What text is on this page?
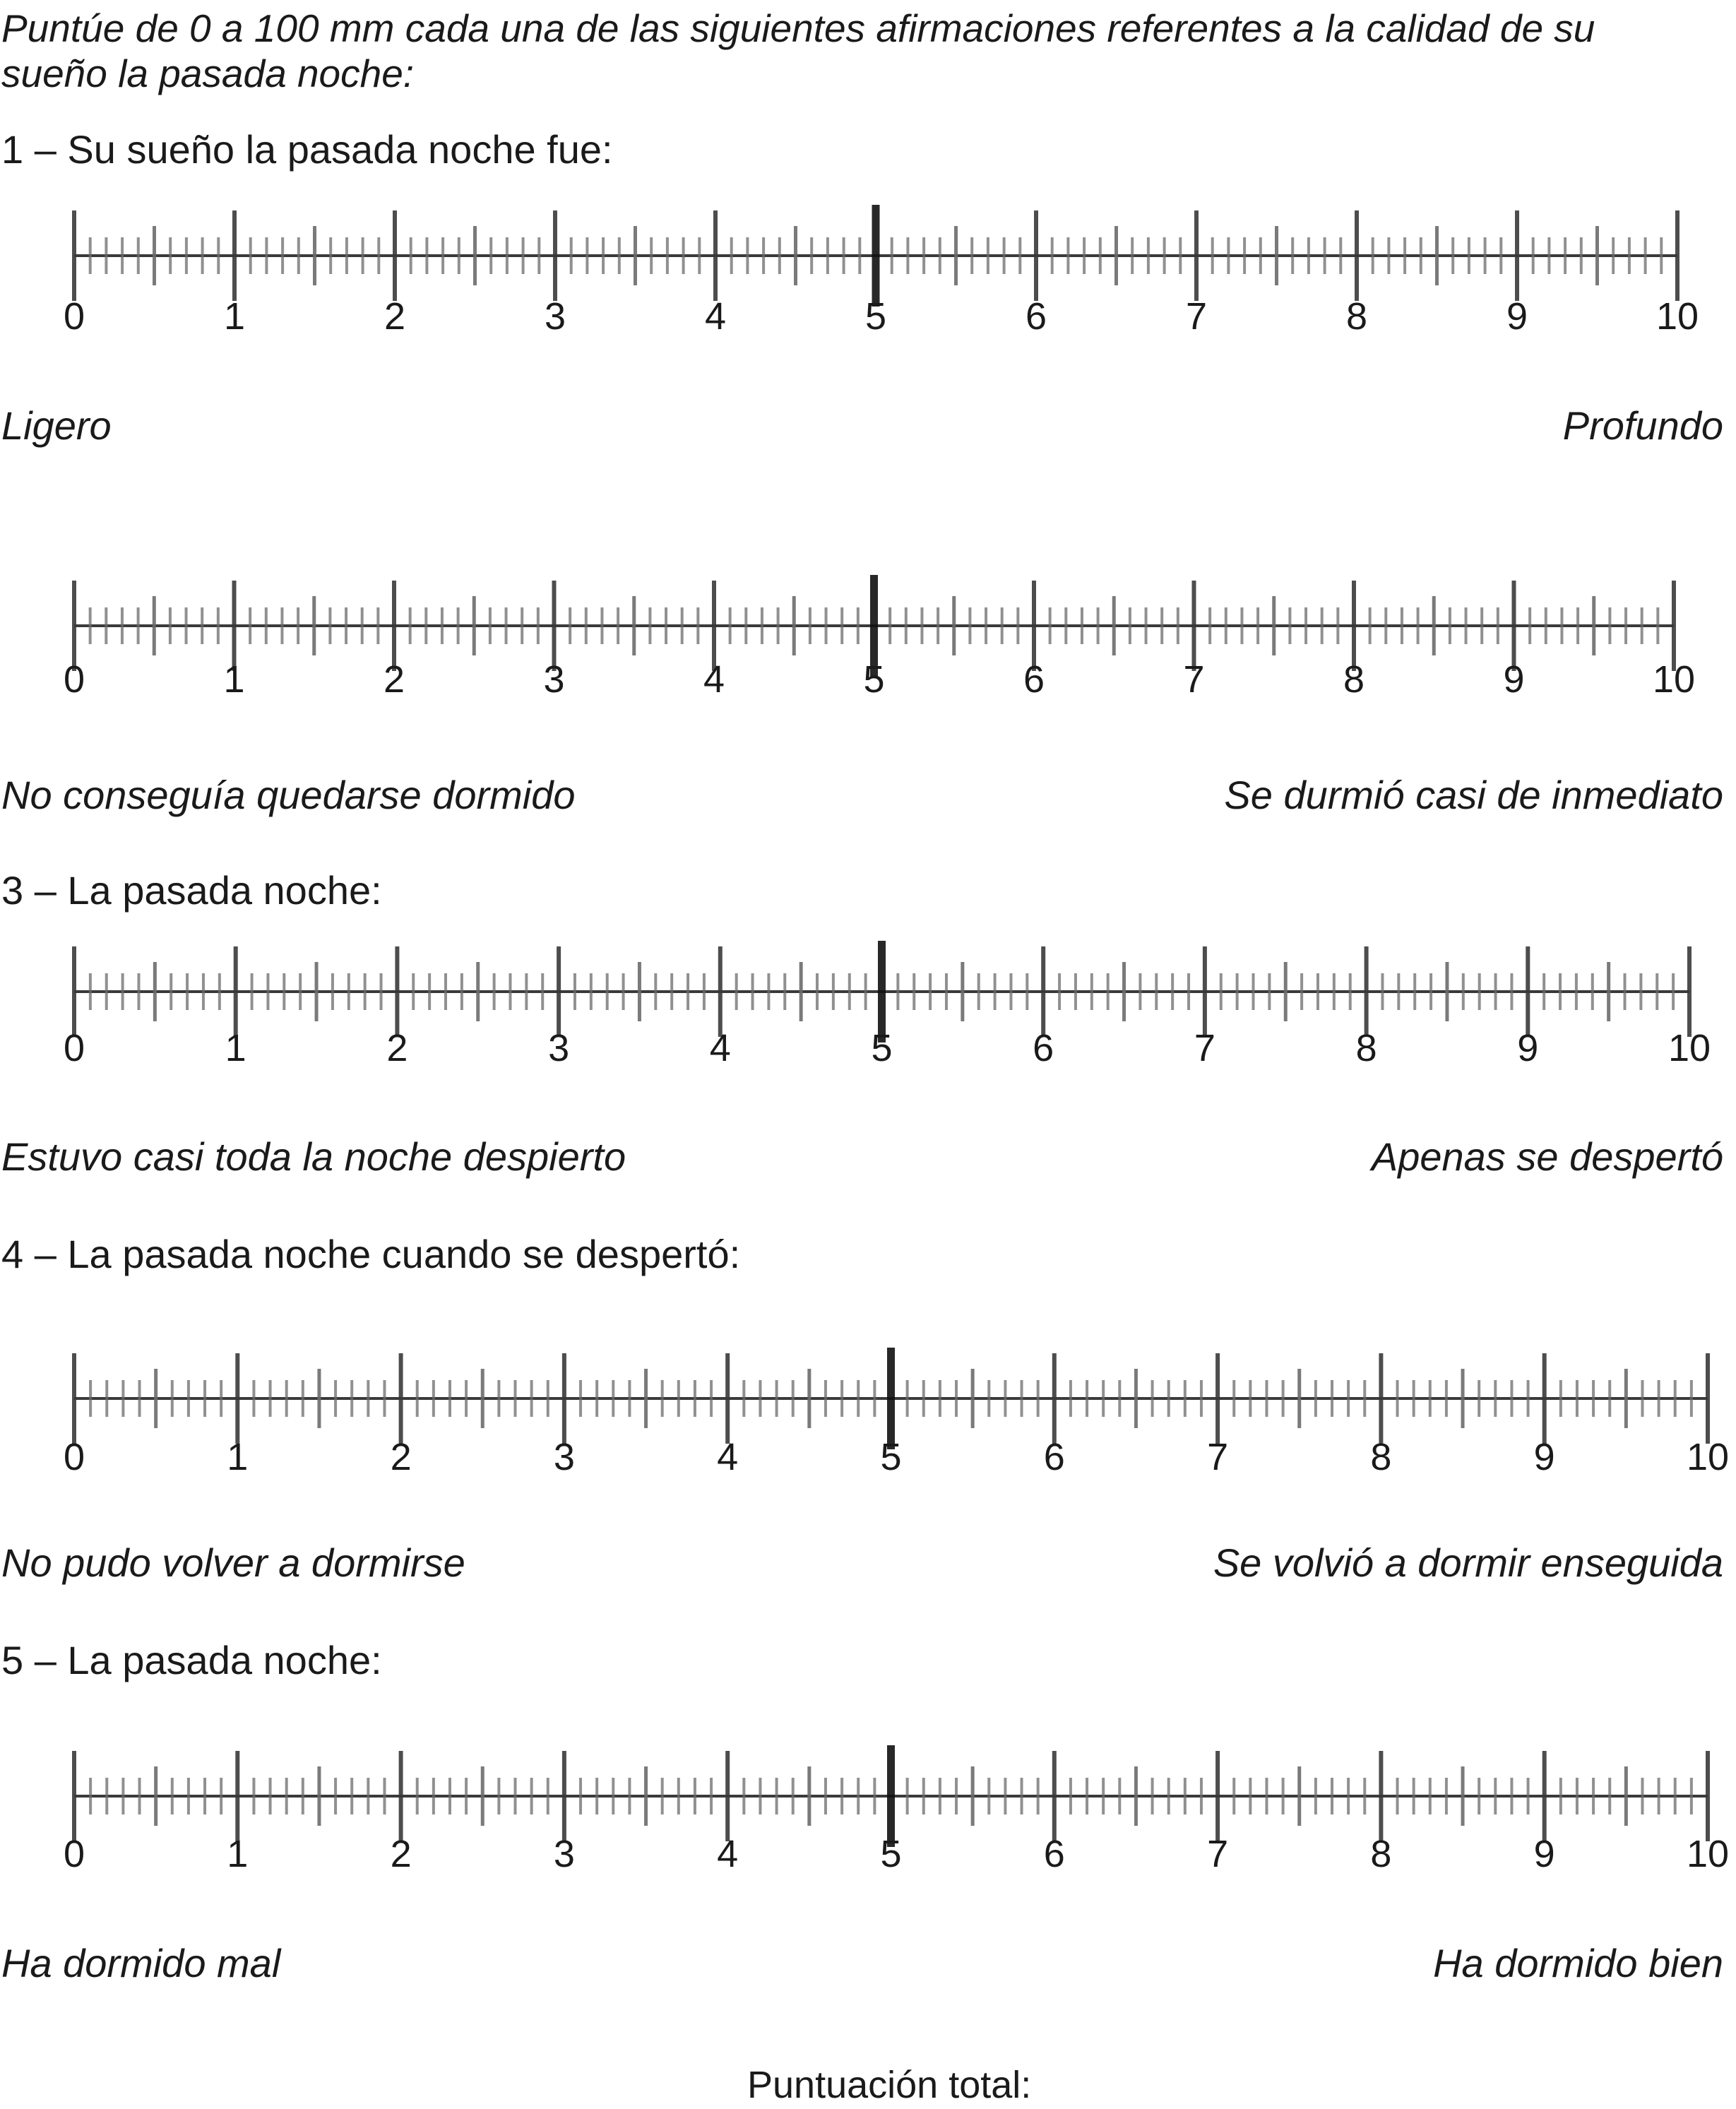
Puntúe de 0 a 100 mm cada una de las siguientes afirmaciones referentes a la calidad de su sueño la pasada noche:
1 – Su sueño la pasada noche fue:
Ligero	Profundo
No conseguía quedarse dormido	Se durmió casi de inmediato
3 – La pasada noche:
Estuvo casi toda la noche despierto	Apenas se despertó
4 – La pasada noche cuando se despertó:
No pudo volver a dormirse	Se volvió a dormir enseguida
5 – La pasada noche:
Ha dormido mal	Ha dormido bien
Puntuación total:
0	1	2	3	4	5	6	7	8	9	10
0	1	2	3	4	5	6	7	8	9	10
0	1	2	3	4	5	6	7	8	9	10
0	1	2	3	4	5	6	7	8	9	10
0	1	2	3	4	5	6	7	8	9	10
